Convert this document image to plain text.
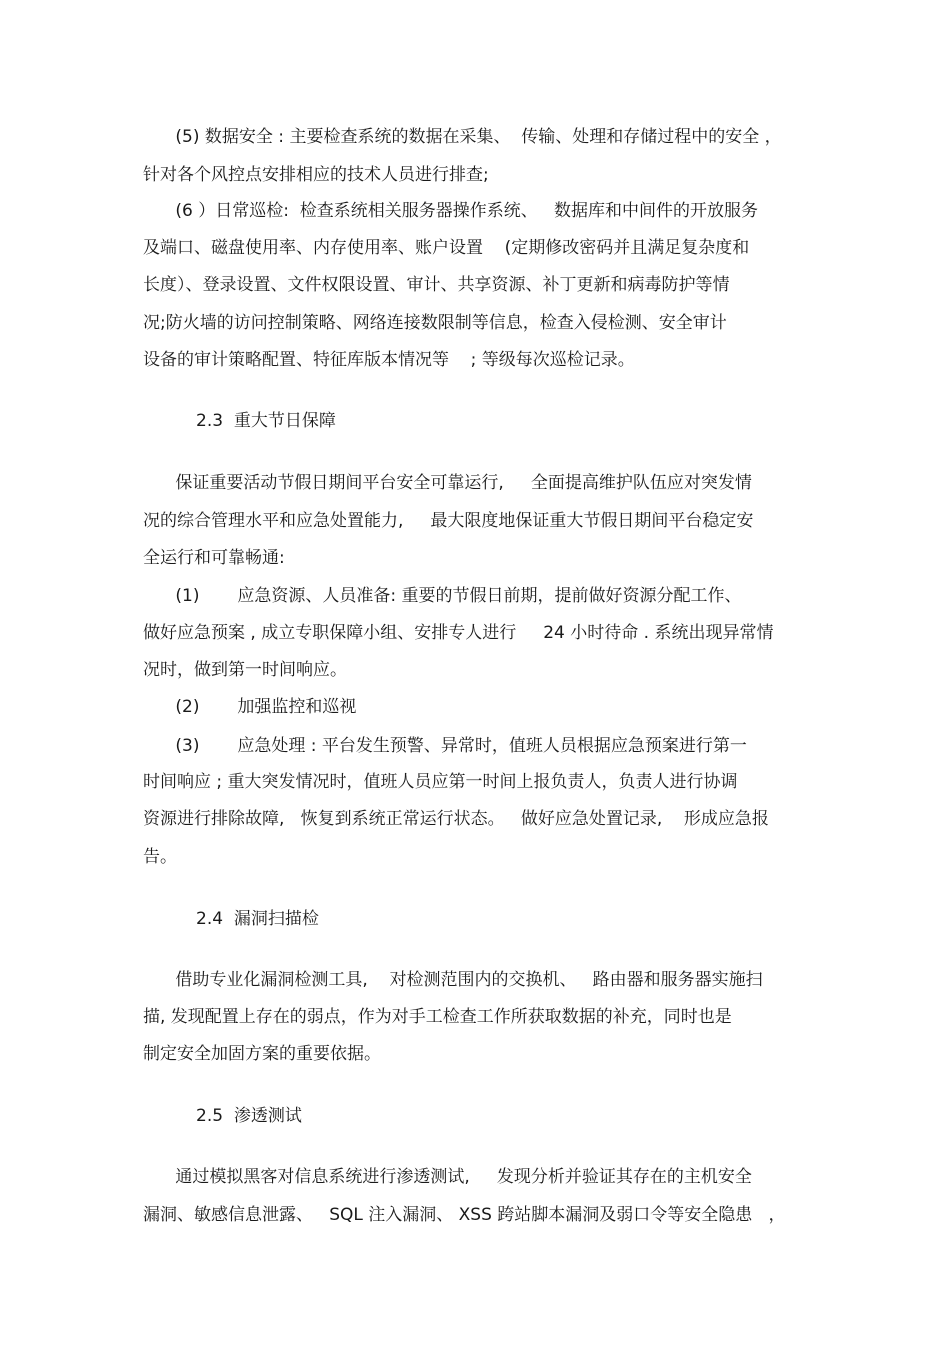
(5) 数据安全 : 主要检查系统的数据在采集、  传输、处理和存储过程中的安全 ，
针对各个风控点安排相应的技术人员进行排查;
(6 ）日常巡检:  检查系统相关服务器操作系统、   数据库和中间件的开放服务
及端口、磁盘使用率、内存使用率、账户设置    (定期修改密码并且满足复杂度和
长度）、登录设置、文件权限设置、审计、共享资源、补丁更新和病毒防护等情
况;防火墙的访问控制策略、网络连接数限制等信息，检查入侵检测、安全审计
设备的审计策略配置、特征库版本情况等    ; 等级每次巡检记录。
2.3  重大节日保障
保证重要活动节假日期间平台安全可靠运行,     全面提高维护队伍应对突发情
况的综合管理水平和应急处置能力,     最大限度地保证重大节假日期间平台稳定安
全运行和可靠畅通:
(1)       应急资源、人员准备: 重要的节假日前期，提前做好资源分配工作、
做好应急预案 , 成立专职保障小组、安排专人进行     24 小时待命 . 系统出现异常情
况时，做到第一时间响应。
(2)       加强监控和巡视
(3)       应急处理 : 平台发生预警、异常时，值班人员根据应急预案进行第一
时间响应 ; 重大突发情况时，值班人员应第一时间上报负责人，负责人进行协调
资源进行排除故障,   恢复到系统正常运行状态。   做好应急处置记录,    形成应急报
告。
2.4  漏洞扫描检
借助专业化漏洞检测工具,    对检测范围内的交换机、   路由器和服务器实施扫
描, 发现配置上存在的弱点，作为对手工检查工作所获取数据的补充，同时也是
制定安全加固方案的重要依据。
2.5  渗透测试
通过模拟黑客对信息系统进行渗透测试,     发现分析并验证其存在的主机安全
漏洞、敏感信息泄露、   SQL 注入漏洞、 XSS 跨站脚本漏洞及弱口令等安全隐患   ，
